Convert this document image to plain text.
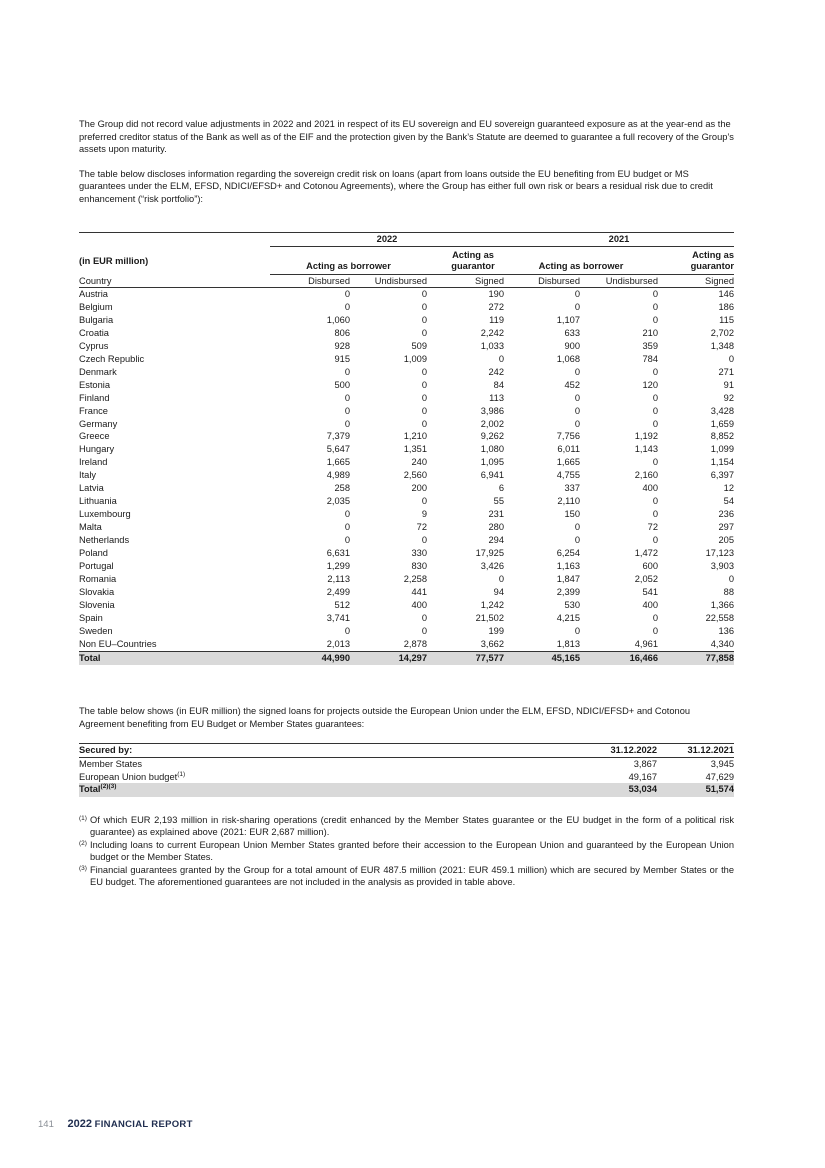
The Group did not record value adjustments in 2022 and 2021 in respect of its EU sovereign and EU sovereign guaranteed exposure as at the year-end as the preferred creditor status of the Bank as well as of the EIF and the protection given by the Bank’s Statute are deemed to guarantee a full recovery of the Group’s assets upon maturity.

The table below discloses information regarding the sovereign credit risk on loans (apart from loans outside the EU benefiting from EU budget or MS guarantees under the ELM, EFSD, NDICI/EFSD+ and Cotonou Agreements), where the Group has either full own risk or bears a residual risk due to credit enhancement (“risk portfolio”):

	2022			2021		
(in EUR million)	Acting as borrower		Acting as guarantor	Acting as borrower		Acting as guarantor
Country	Disbursed	Undisbursed	Signed	Disbursed	Undisbursed	Signed
Austria	0	0	190	0	0	146
Belgium	0	0	272	0	0	186
Bulgaria	1,060	0	119	1,107	0	115
Croatia	806	0	2,242	633	210	2,702
Cyprus	928	509	1,033	900	359	1,348
Czech Republic	915	1,009	0	1,068	784	0
Denmark	0	0	242	0	0	271
Estonia	500	0	84	452	120	91
Finland	0	0	113	0	0	92
France	0	0	3,986	0	0	3,428
Germany	0	0	2,002	0	0	1,659
Greece	7,379	1,210	9,262	7,756	1,192	8,852
Hungary	5,647	1,351	1,080	6,011	1,143	1,099
Ireland	1,665	240	1,095	1,665	0	1,154
Italy	4,989	2,560	6,941	4,755	2,160	6,397
Latvia	258	200	6	337	400	12
Lithuania	2,035	0	55	2,110	0	54
Luxembourg	0	9	231	150	0	236
Malta	0	72	280	0	72	297
Netherlands	0	0	294	0	0	205
Poland	6,631	330	17,925	6,254	1,472	17,123
Portugal	1,299	830	3,426	1,163	600	3,903
Romania	2,113	2,258	0	1,847	2,052	0
Slovakia	2,499	441	94	2,399	541	88
Slovenia	512	400	1,242	530	400	1,366
Spain	3,741	0	21,502	4,215	0	22,558
Sweden	0	0	199	0	0	136
Non EU–Countries	2,013	2,878	3,662	1,813	4,961	4,340
Total	44,990	14,297	77,577	45,165	16,466	77,858

The table below shows (in EUR million) the signed loans for projects outside the European Union under the ELM, EFSD, NDICI/EFSD+ and Cotonou Agreement benefiting from EU Budget or Member States guarantees:

Secured by:	31.12.2022	31.12.2021
Member States	3,867	3,945
European Union budget$^{(1)}$	49,167	47,629
Total$^{(2)(3)}$	53,034	51,574
(1) Of which EUR 2,193 million in risk-sharing operations (credit enhanced by the Member States guarantee or the EU budget in the form of a political risk guarantee) as explained above (2021: EUR 2,687 million).
(2) Including loans to current European Union Member States granted before their accession to the European Union and guaranteed by the European Union budget or the Member States.
(3) Financial guarantees granted by the Group for a total amount of EUR 487.5 million (2021: EUR 459.1 million) which are secured by Member States or the EU budget. The aforementioned guarantees are not included in the analysis as provided in table above.
141 2022 FINANCIAL REPORT
